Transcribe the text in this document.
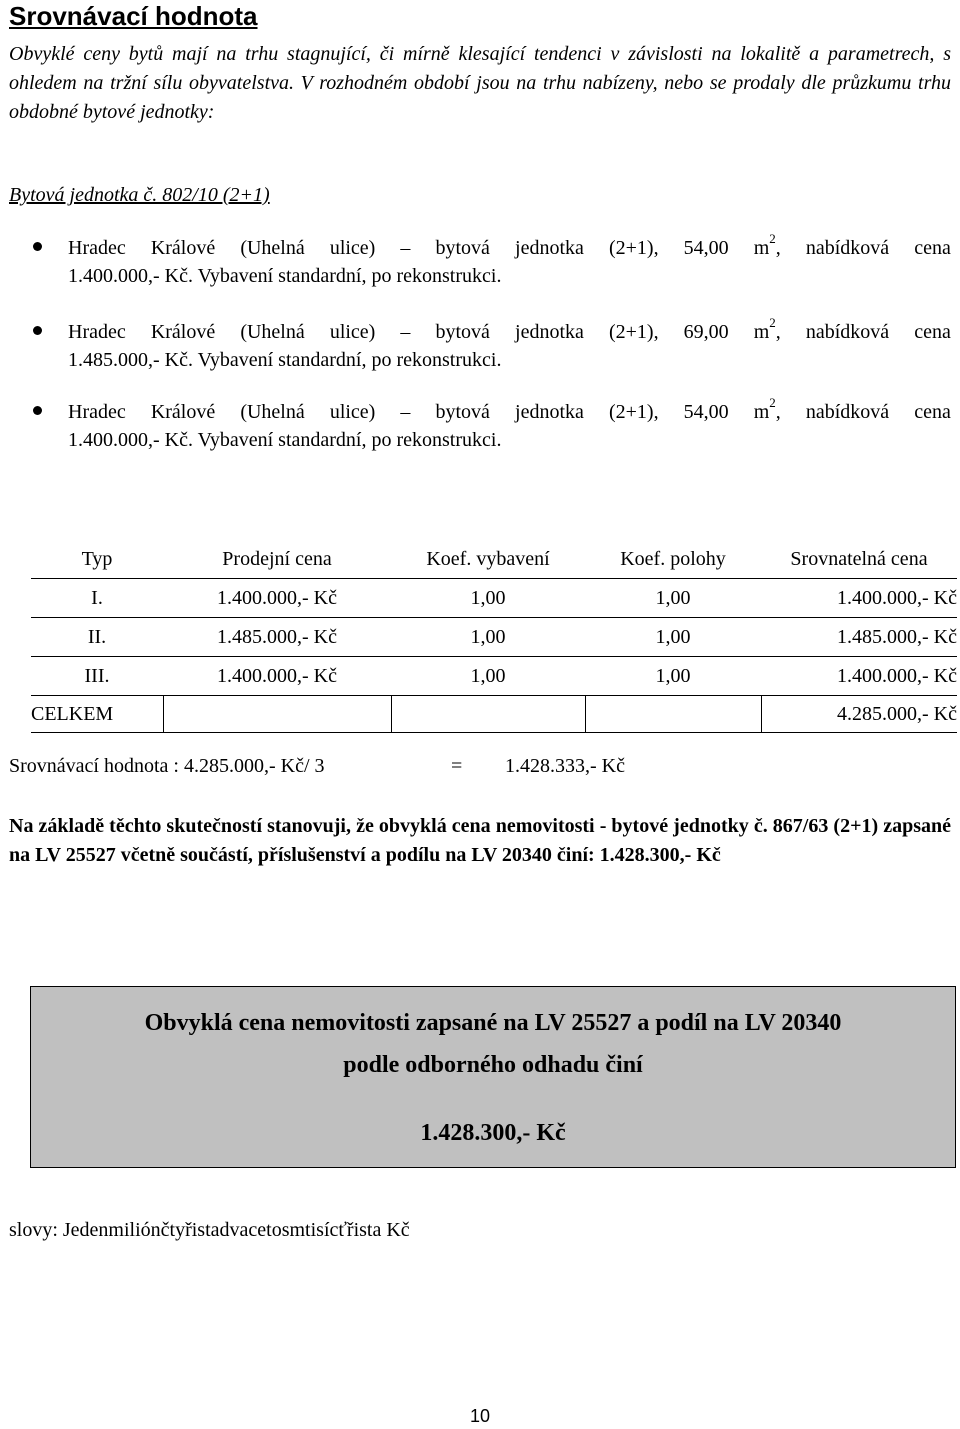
Srovnávací hodnota
Obvyklé ceny bytů mají na trhu stagnující, či mírně klesající tendenci v závislosti na lokalitě a parametrech, s ohledem na tržní sílu obyvatelstva. V rozhodném období jsou na trhu nabízeny, nebo se prodaly dle průzkumu trhu obdobné bytové jednotky:
Bytová jednotka č. 802/10 (2+1)
Hradec Králové (Uhelná ulice) – bytová jednotka (2+1), 54,00 $m^2$, nabídková cena
1.400.000,- Kč. Vybavení standardní, po rekonstrukci.
Hradec Králové (Uhelná ulice) – bytová jednotka (2+1), 69,00 $m^2$, nabídková cena
1.485.000,- Kč. Vybavení standardní, po rekonstrukci.
Hradec Králové (Uhelná ulice) – bytová jednotka (2+1), 54,00 $m^2$, nabídková cena
1.400.000,- Kč. Vybavení standardní, po rekonstrukci.
Typ	Prodejní cena	Koef. vybavení	Koef. polohy	Srovnatelná cena
I.	1.400.000,- Kč	1,00	1,00	1.400.000,- Kč
II.	1.485.000,- Kč	1,00	1,00	1.485.000,- Kč
III.	1.400.000,- Kč	1,00	1,00	1.400.000,- Kč
CELKEM				4.285.000,- Kč
Srovnávací hodnota : 4.285.000,- Kč/ 3	= 1.428.333,- Kč
Na základě těchto skutečností stanovuji, že obvyklá cena nemovitosti - bytové jednotky č. 867/63 (2+1) zapsané na LV 25527 včetně součástí, příslušenství a podílu na LV 20340 činí: 1.428.300,- Kč
Obvyklá cena nemovitosti zapsané na LV 25527 a podíl na LV 20340
podle odborného odhadu činí
1.428.300,- Kč
slovy: Jedenmiliónčtyřistadvacetosmtisícťřista Kč
10
